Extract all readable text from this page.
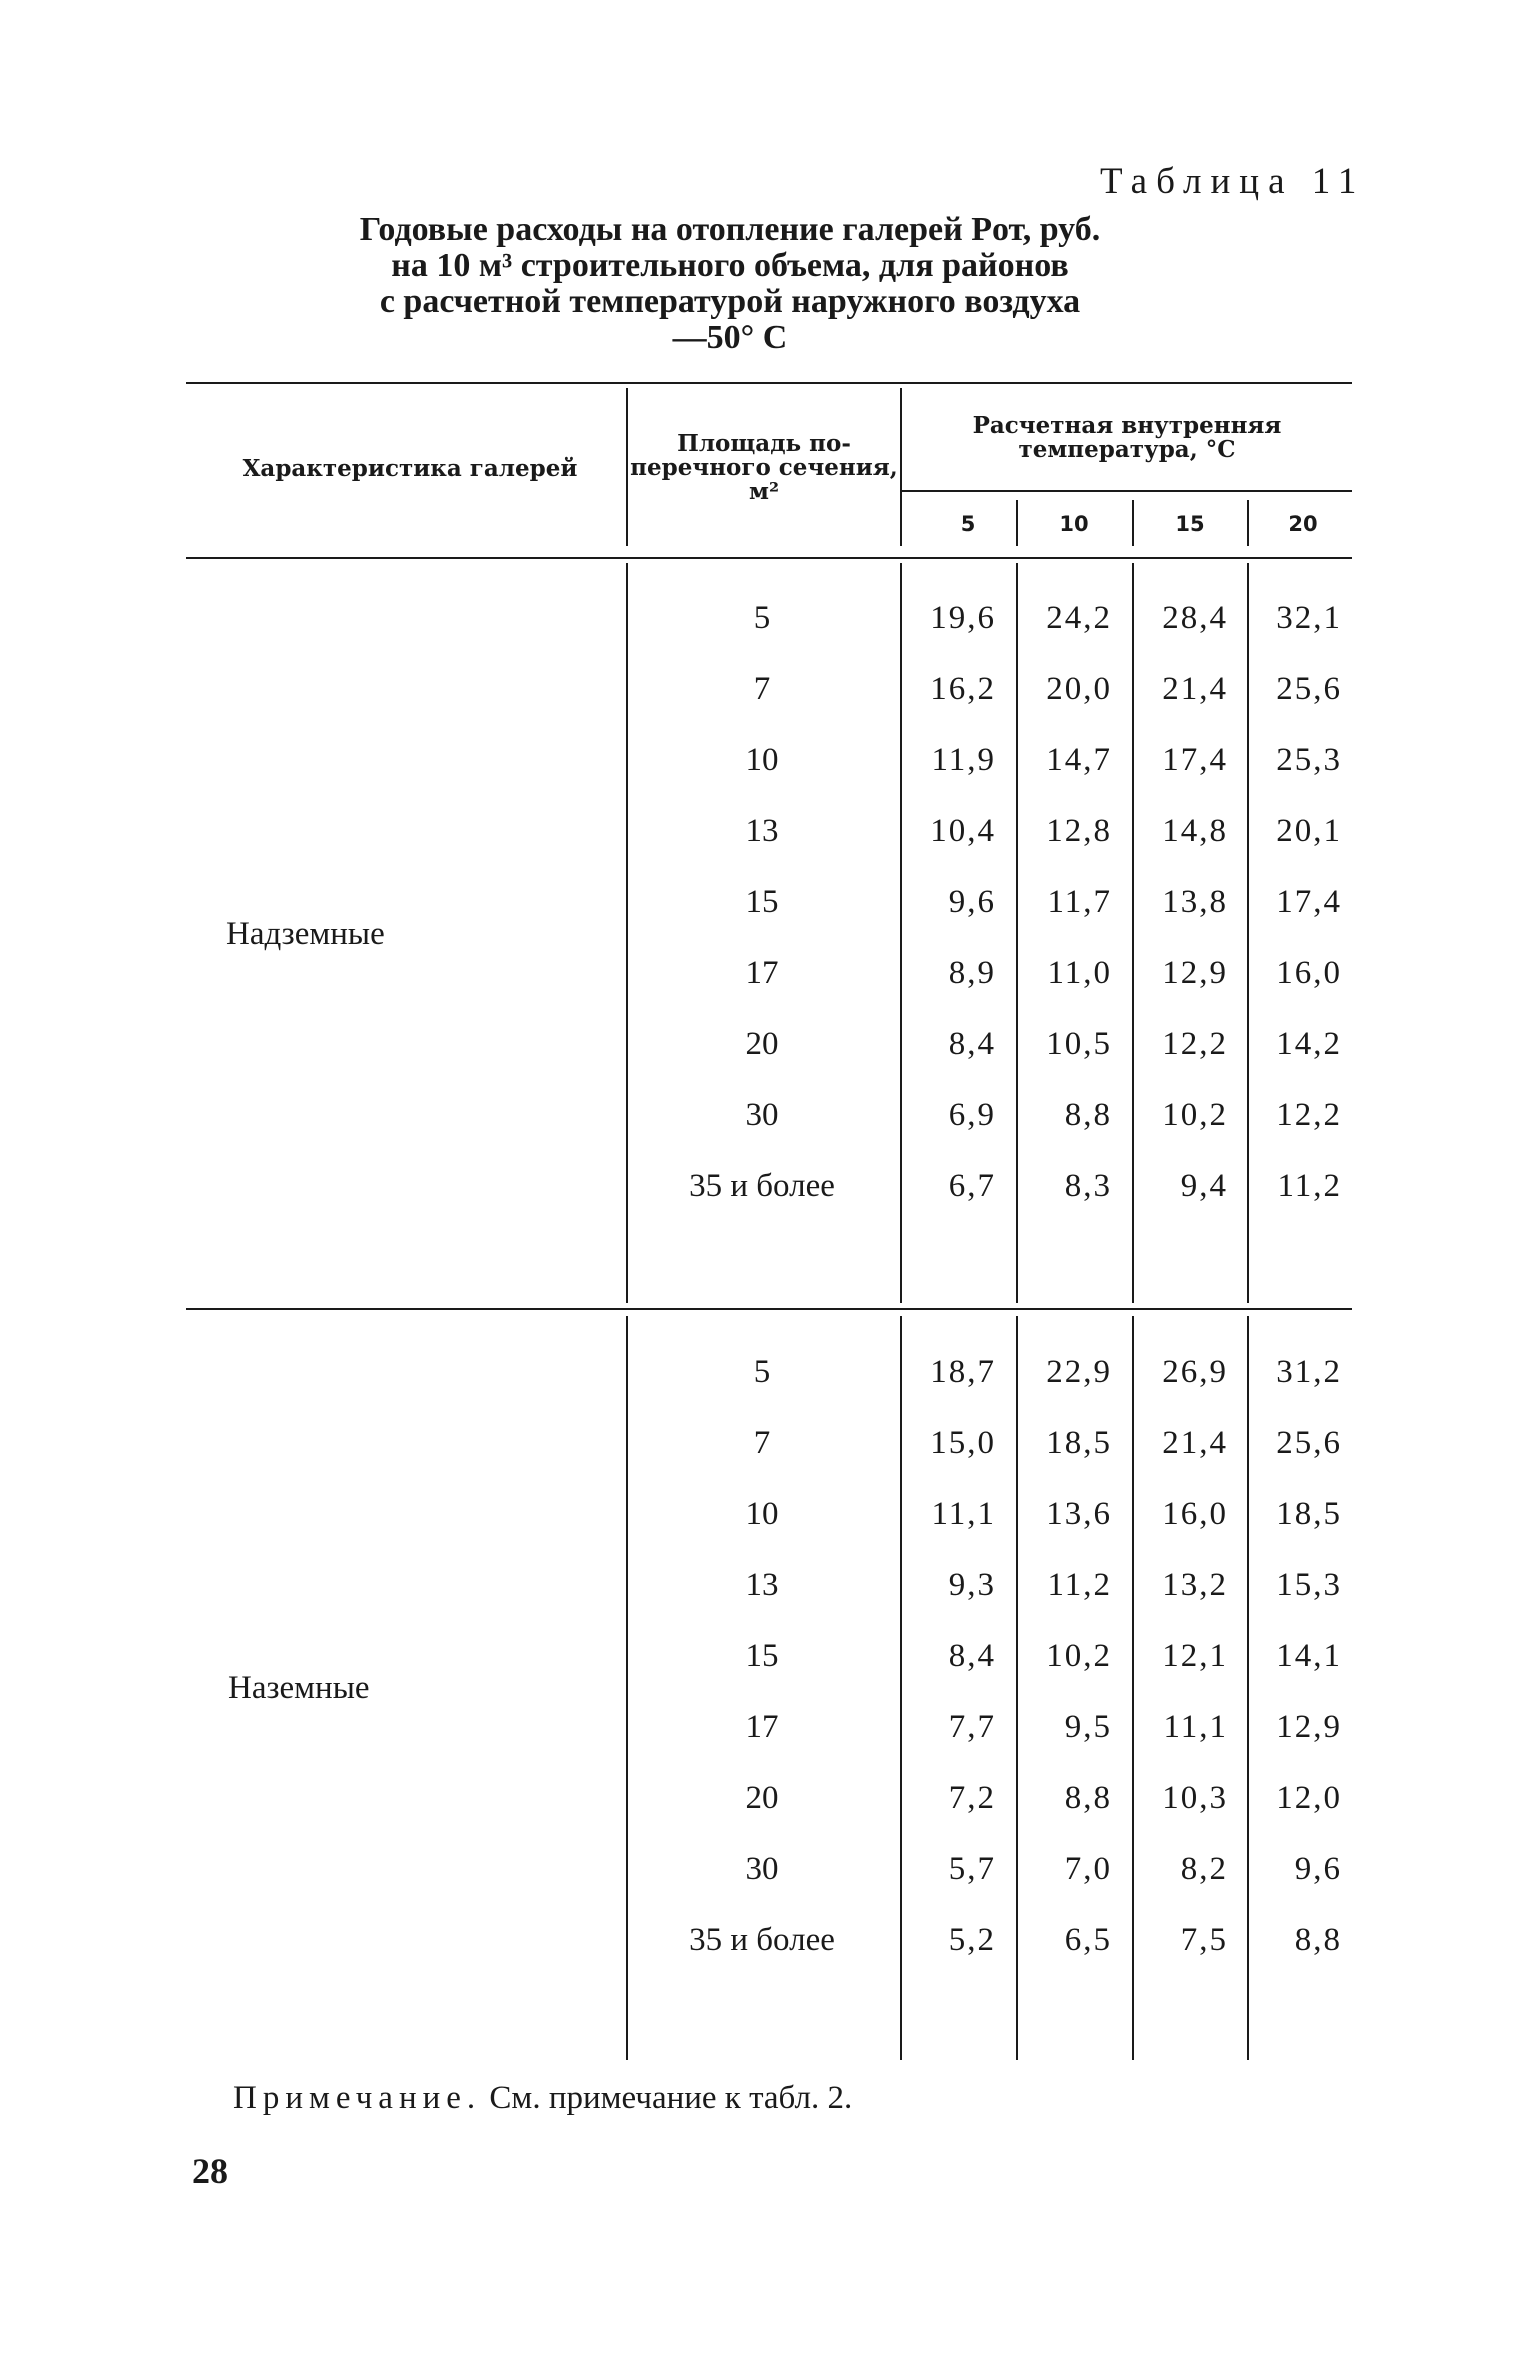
Таблица 11
Годовые расходы на отопление галерей Pот, руб.
на 10 м³ строительного объема, для районов
с расчетной температурой наружного воздуха
—50° С
Характеристика галерей
Площадь по-
перечного сечения,
м²
Расчетная внутренняя
температура, °С
5	10	15	20
Надземные
Наземные
5	19,6	24,2	28,4	32,1
7	16,2	20,0	21,4	25,6
10	11,9	14,7	17,4	25,3
13	10,4	12,8	14,8	20,1
15	9,6	11,7	13,8	17,4
17	8,9	11,0	12,9	16,0
20	8,4	10,5	12,2	14,2
30	6,9	8,8	10,2	12,2
35 и более	6,7	8,3	9,4	11,2
5	18,7	22,9	26,9	31,2
7	15,0	18,5	21,4	25,6
10	11,1	13,6	16,0	18,5
13	9,3	11,2	13,2	15,3
15	8,4	10,2	12,1	14,1
17	7,7	9,5	11,1	12,9
20	7,2	8,8	10,3	12,0
30	5,7	7,0	8,2	9,6
35 и более	5,2	6,5	7,5	8,8
Примечание. См. примечание к табл. 2.
28
